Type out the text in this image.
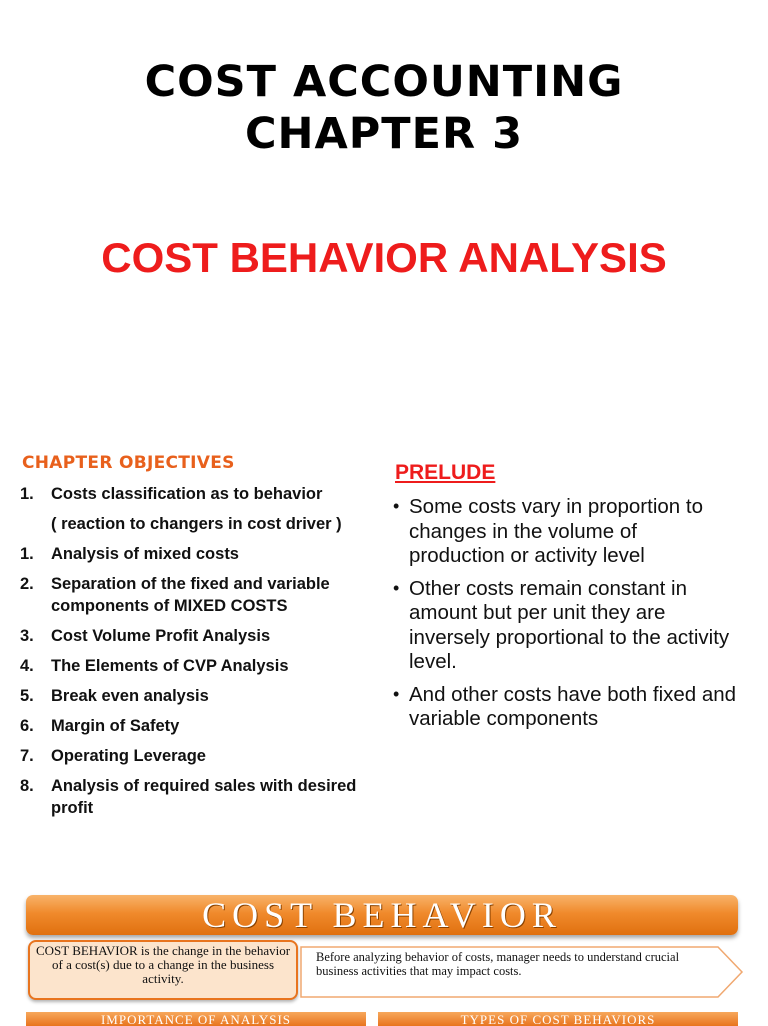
COST ACCOUNTING
CHAPTER 3
COST BEHAVIOR ANALYSIS
CHAPTER OBJECTIVES
1. Costs classification as to behavior
( reaction to changers in cost driver )
1. Analysis of mixed costs
2. Separation of the fixed and variable components of MIXED COSTS
3. Cost Volume Profit Analysis
4. The Elements of CVP Analysis
5. Break even analysis
6. Margin of Safety
7. Operating Leverage
8. Analysis of required sales with desired profit
PRELUDE
• Some costs vary in proportion to changes in the volume of production or activity level
• Other costs remain constant in amount but per unit they are inversely proportional to the activity level.
• And other costs have both fixed and variable components
COST BEHAVIOR
COST BEHAVIOR is the change in the behavior of a cost(s) due to a change in the business activity.
Before analyzing behavior of costs, manager needs to understand crucial business activities that may impact costs.
IMPORTANCE OF ANALYSIS	TYPES OF COST BEHAVIORS
